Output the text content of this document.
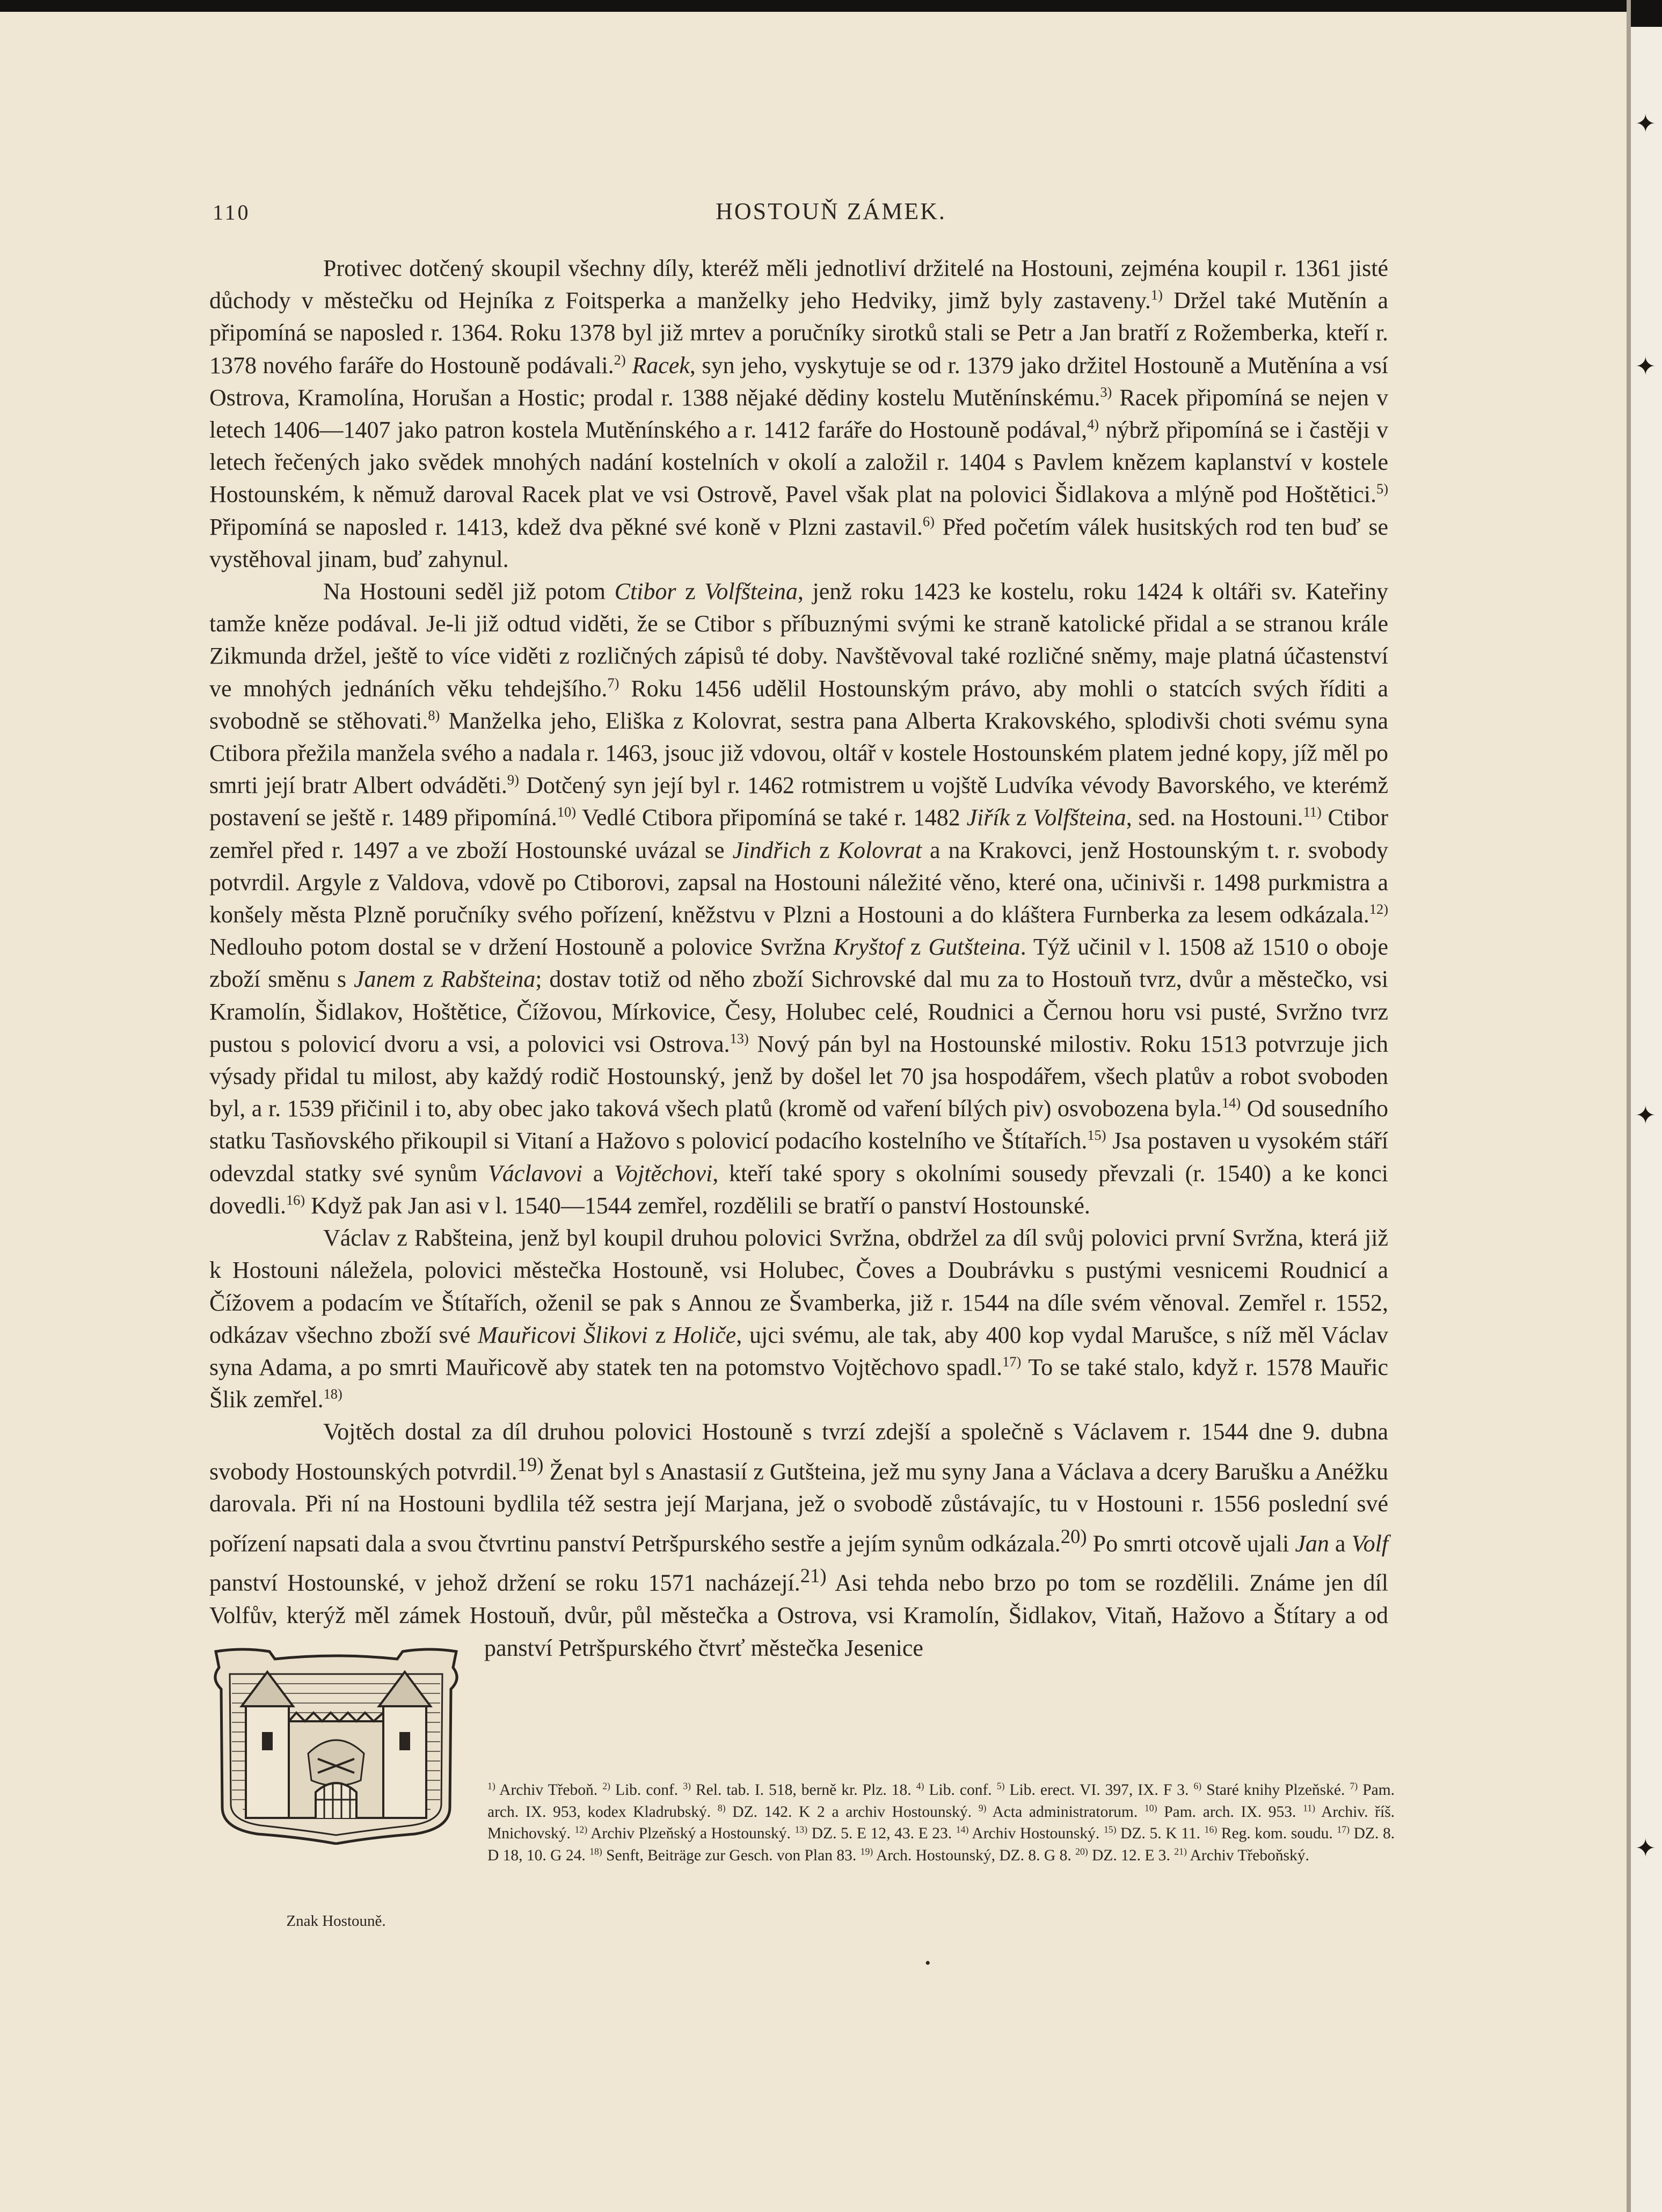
✦
✦
✦
✦
110	HOSTOUŇ ZÁMEK.

Protivec dotčený skoupil všechny díly, kteréž měli jednotliví držitelé na Hostouni, zejména koupil r. 1361 jisté důchody v městečku od Hejníka z Foitsperka a manželky jeho Hedviky, jimž byly zastaveny.$^{1)}$ Držel také Mutěnín a připomíná se naposled r. 1364. Roku 1378 byl již mrtev a poručníky sirotků stali se Petr a Jan bratří z Rožemberka, kteří r. 1378 nového faráře do Hostouně podávali.$^{2)}$ Racek, syn jeho, vyskytuje se od r. 1379 jako držitel Hostouně a Mutěnína a vsí Ostrova, Kramolína, Horušan a Hostic; prodal r. 1388 nějaké dědiny kostelu Mutěnínskému.$^{3)}$ Racek připomíná se nejen v letech 1406—1407 jako patron kostela Mutěnínského a r. 1412 faráře do Hostouně podával,$^{4)}$ nýbrž připomíná se i častěji v letech řečených jako svědek mnohých nadání kostelních v okolí a založil r. 1404 s Pavlem knězem kaplanství v kostele Hostounském, k němuž daroval Racek plat ve vsi Ostrově, Pavel však plat na polovici Šidlakova a mlýně pod Hoštětici.$^{5)}$ Připomíná se naposled r. 1413, kdež dva pěkné své koně v Plzni zastavil.$^{6)}$ Před početím válek husitských rod ten buď se vystěhoval jinam, buď zahynul.

Na Hostouni seděl již potom Ctibor z Volfšteina, jenž roku 1423 ke kostelu, roku 1424 k oltáři sv. Kateřiny tamže kněze podával. Je-li již odtud viděti, že se Ctibor s příbuznými svými ke straně katolické přidal a se stranou krále Zikmunda držel, ještě to více viděti z rozličných zápisů té doby. Navštěvoval také rozličné sněmy, maje platná účastenství ve mnohých jednáních věku tehdejšího.$^{7)}$ Roku 1456 udělil Hostounským právo, aby mohli o statcích svých říditi a svobodně se stěhovati.$^{8)}$ Manželka jeho, Eliška z Kolovrat, sestra pana Alberta Krakovského, splodivši choti svému syna Ctibora přežila manžela svého a nadala r. 1463, jsouc již vdovou, oltář v kostele Hostounském platem jedné kopy, jíž měl po smrti její bratr Albert odváděti.$^{9)}$ Dotčený syn její byl r. 1462 rotmistrem u vojště Ludvíka vévody Bavorského, ve kterémž postavení se ještě r. 1489 připomíná.$^{10)}$ Vedlé Ctibora připomíná se také r. 1482 Jiřík z Volfšteina, sed. na Hostouni.$^{11)}$ Ctibor zemřel před r. 1497 a ve zboží Hostounské uvázal se Jindřich z Kolovrat a na Krakovci, jenž Hostounským t. r. svobody potvrdil. Argyle z Valdova, vdově po Ctiborovi, zapsal na Hostouni náležité věno, které ona, učinivši r. 1498 purkmistra a konšely města Plzně poručníky svého pořízení, kněžstvu v Plzni a Hostouni a do kláštera Furnberka za lesem odkázala.$^{12)}$ Nedlouho potom dostal se v držení Hostouně a polovice Svržna Kryštof z Gutšteina. Týž učinil v l. 1508 až 1510 o oboje zboží směnu s Janem z Rabšteina; dostav totiž od něho zboží Sichrovské dal mu za to Hostouň tvrz, dvůr a městečko, vsi Kramolín, Šidlakov, Hoštětice, Čížovou, Mírkovice, Česy, Holubec celé, Roudnici a Černou horu vsi pusté, Svržno tvrz pustou s polovicí dvoru a vsi, a polovici vsi Ostrova.$^{13)}$ Nový pán byl na Hostounské milostiv. Roku 1513 potvrzuje jich výsady přidal tu milost, aby každý rodič Hostounský, jenž by došel let 70 jsa hospodářem, všech platův a robot svoboden byl, a r. 1539 přičinil i to, aby obec jako taková všech platů (kromě od vaření bílých piv) osvobozena byla.$^{14)}$ Od sousedního statku Tasňovského přikoupil si Vitaní a Hažovo s polovicí podacího kostelního ve Štítařích.$^{15)}$ Jsa postaven u vysokém stáří odevzdal statky své synům Václavovi a Vojtěchovi, kteří také spory s okolními sousedy převzali (r. 1540) a ke konci dovedli.$^{16)}$ Když pak Jan asi v l. 1540—1544 zemřel, rozdělili se bratří o panství Hostounské.

Václav z Rabšteina, jenž byl koupil druhou polovici Svržna, obdržel za díl svůj polovici první Svržna, která již k Hostouni náležela, polovici městečka Hostouně, vsi Holubec, Čoves a Doubrávku s pustými vesnicemi Roudnicí a Čížovem a podacím ve Štítařích, oženil se pak s Annou ze Švamberka, již r. 1544 na díle svém věnoval. Zemřel r. 1552, odkázav všechno zboží své Mauřicovi Šlikovi z Holiče, ujci svému, ale tak, aby 400 kop vydal Marušce, s níž měl Václav syna Adama, a po smrti Mauřicově aby statek ten na potomstvo Vojtěchovo spadl.$^{17)}$ To se také stalo, když r. 1578 Mauřic Šlik zemřel.$^{18)}$

Vojtěch dostal za díl druhou polovici Hostouně s tvrzí zdejší a společně s Václavem r. 1544 dne 9. dubna svobody Hostounských potvrdil.$^{19)}$ Ženat byl s Anastasií z Gutšteina, jež mu syny Jana a Václava a dcery Barušku a Anéžku darovala. Při ní na Hostouni bydlila též sestra její Marjana, jež o svobodě zůstávajíc, tu v Hostouni r. 1556 poslední své pořízení napsati dala a svou čtvrtinu panství Petršpurského sestře a jejím synům odkázala.$^{20)}$ Po smrti otcově ujali Jan a Volf panství Hostounské, v jehož držení se roku 1571 nacházejí.$^{21)}$ Asi tehda nebo brzo po tom se rozdělili. Známe jen díl Volfův, kterýž měl zámek Hostouň, dvůr, půl městečka a Ostrova, vsi Kramolín, Šidlakov, Vitaň, Hažovo a Štítary a od panství Petršpurského čtvrť městečka Jesenice

Znak Hostouně.
$^{1)}$ Archiv Třeboň. $^{2)}$ Lib. conf. $^{3)}$ Rel. tab. I. 518, berně kr. Plz. 18. $^{4)}$ Lib. conf. $^{5)}$ Lib. erect. VI. 397, IX. F 3. $^{6)}$ Staré knihy Plzeňské. $^{7)}$ Pam. arch. IX. 953, kodex Kladrubský. $^{8)}$ DZ. 142. K 2 a archiv Hostounský. $^{9)}$ Acta administratorum. $^{10)}$ Pam. arch. IX. 953. $^{11)}$ Archiv. říš. Mnichovský. $^{12)}$ Archiv Plzeňský a Hostounský. $^{13)}$ DZ. 5. E 12, 43. E 23. $^{14)}$ Archiv Hostounský. $^{15)}$ DZ. 5. K 11. $^{16)}$ Reg. kom. soudu. $^{17)}$ DZ. 8. D 18, 10. G 24. $^{18)}$ Senft, Beiträge zur Gesch. von Plan 83. $^{19)}$ Arch. Hostounský, DZ. 8. G 8. $^{20)}$ DZ. 12. E 3. $^{21)}$ Archiv Třeboňský.
•
